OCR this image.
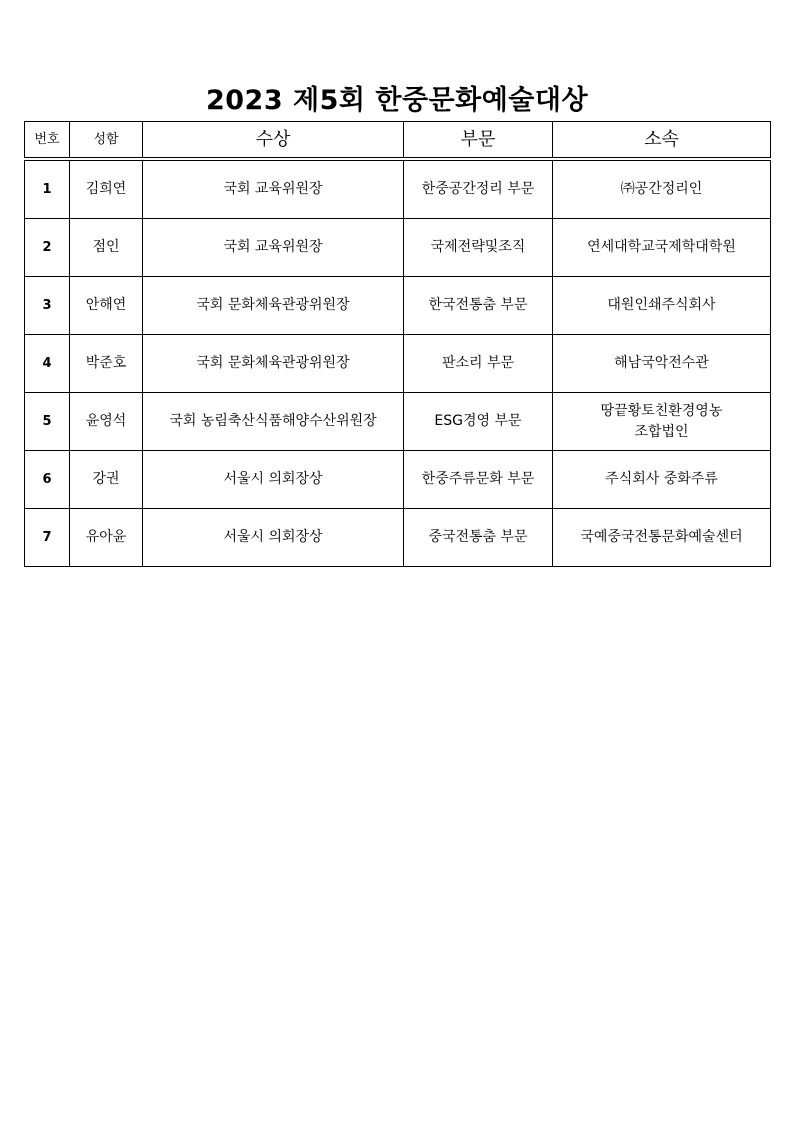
2023 제5회 한중문화예술대상
번호	성함	수상	부문	소속
1	김희연	국회 교육위원장	한중공간정리 부문	㈜공간정리인
2	점인	국회 교육위원장	국제전략및조직	연세대학교국제학대학원
3	안해연	국회 문화체육관광위원장	한국전통춤 부문	대원인쇄주식회사
4	박준호	국회 문화체육관광위원장	판소리 부문	해남국악전수관
5	윤영석	국회 농림축산식품해양수산위원장	ESG경영 부문	땅끝황토친환경영농
조합법인
6	강권	서울시 의회장상	한중주류문화 부문	주식회사 중화주류
7	유아윤	서울시 의회장상	중국전통춤 부문	국예중국전통문화예술센터
